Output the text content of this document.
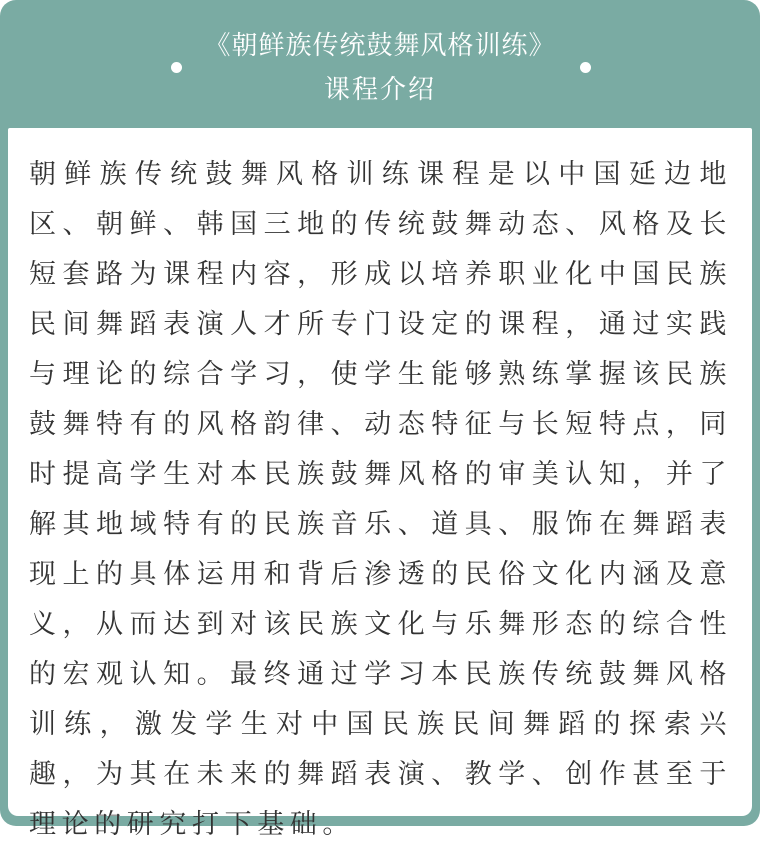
《朝鲜族传统鼓舞风格训练》
课程介绍

朝鲜族传统鼓舞风格训练课程是以中国延边地区、朝鲜、韩国三地的传统鼓舞动态、风格及长短套路为课程内容，形成以培养职业化中国民族民间舞蹈表演人才所专门设定的课程，通过实践与理论的综合学习，使学生能够熟练掌握该民族鼓舞特有的风格韵律、动态特征与长短特点，同时提高学生对本民族鼓舞风格的审美认知，并了解其地域特有的民族音乐、道具、服饰在舞蹈表现上的具体运用和背后渗透的民俗文化内涵及意义，从而达到对该民族文化与乐舞形态的综合性的宏观认知。最终通过学习本民族传统鼓舞风格训练，激发学生对中国民族民间舞蹈的探索兴趣，为其在未来的舞蹈表演、教学、创作甚至于理论的研究打下基础。
